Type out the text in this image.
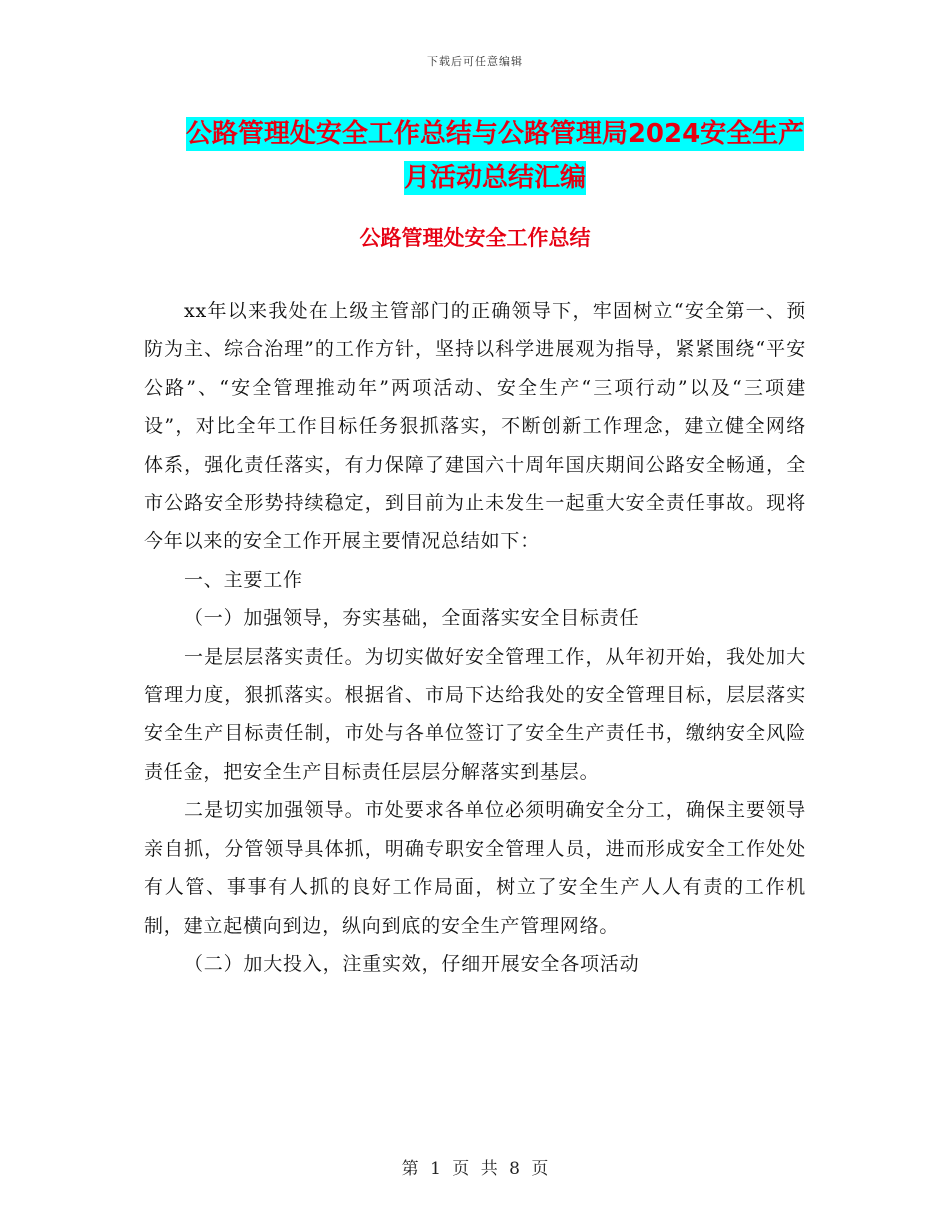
下载后可任意编辑
公路管理处安全工作总结与公路管理局2024安全生产
月活动总结汇编
公路管理处安全工作总结

xx年以来我处在上级主管部门的正确领导下，牢固树立“安全第一、预防为主、综合治理”的工作方针，坚持以科学进展观为指导，紧紧围绕“平安公路”、“安全管理推动年”两项活动、安全生产“三项行动”以及“三项建设”，对比全年工作目标任务狠抓落实，不断创新工作理念，建立健全网络体系，强化责任落实，有力保障了建国六十周年国庆期间公路安全畅通，全市公路安全形势持续稳定，到目前为止未发生一起重大安全责任事故。现将今年以来的安全工作开展主要情况总结如下：

一、主要工作

（一）加强领导，夯实基础，全面落实安全目标责任

一是层层落实责任。为切实做好安全管理工作，从年初开始，我处加大管理力度，狠抓落实。根据省、市局下达给我处的安全管理目标，层层落实安全生产目标责任制，市处与各单位签订了安全生产责任书，缴纳安全风险责任金，把安全生产目标责任层层分解落实到基层。

二是切实加强领导。市处要求各单位必须明确安全分工，确保主要领导亲自抓，分管领导具体抓，明确专职安全管理人员，进而形成安全工作处处有人管、事事有人抓的良好工作局面，树立了安全生产人人有责的工作机制，建立起横向到边，纵向到底的安全生产管理网络。

（二）加大投入，注重实效，仔细开展安全各项活动

第 1 页 共 8 页
